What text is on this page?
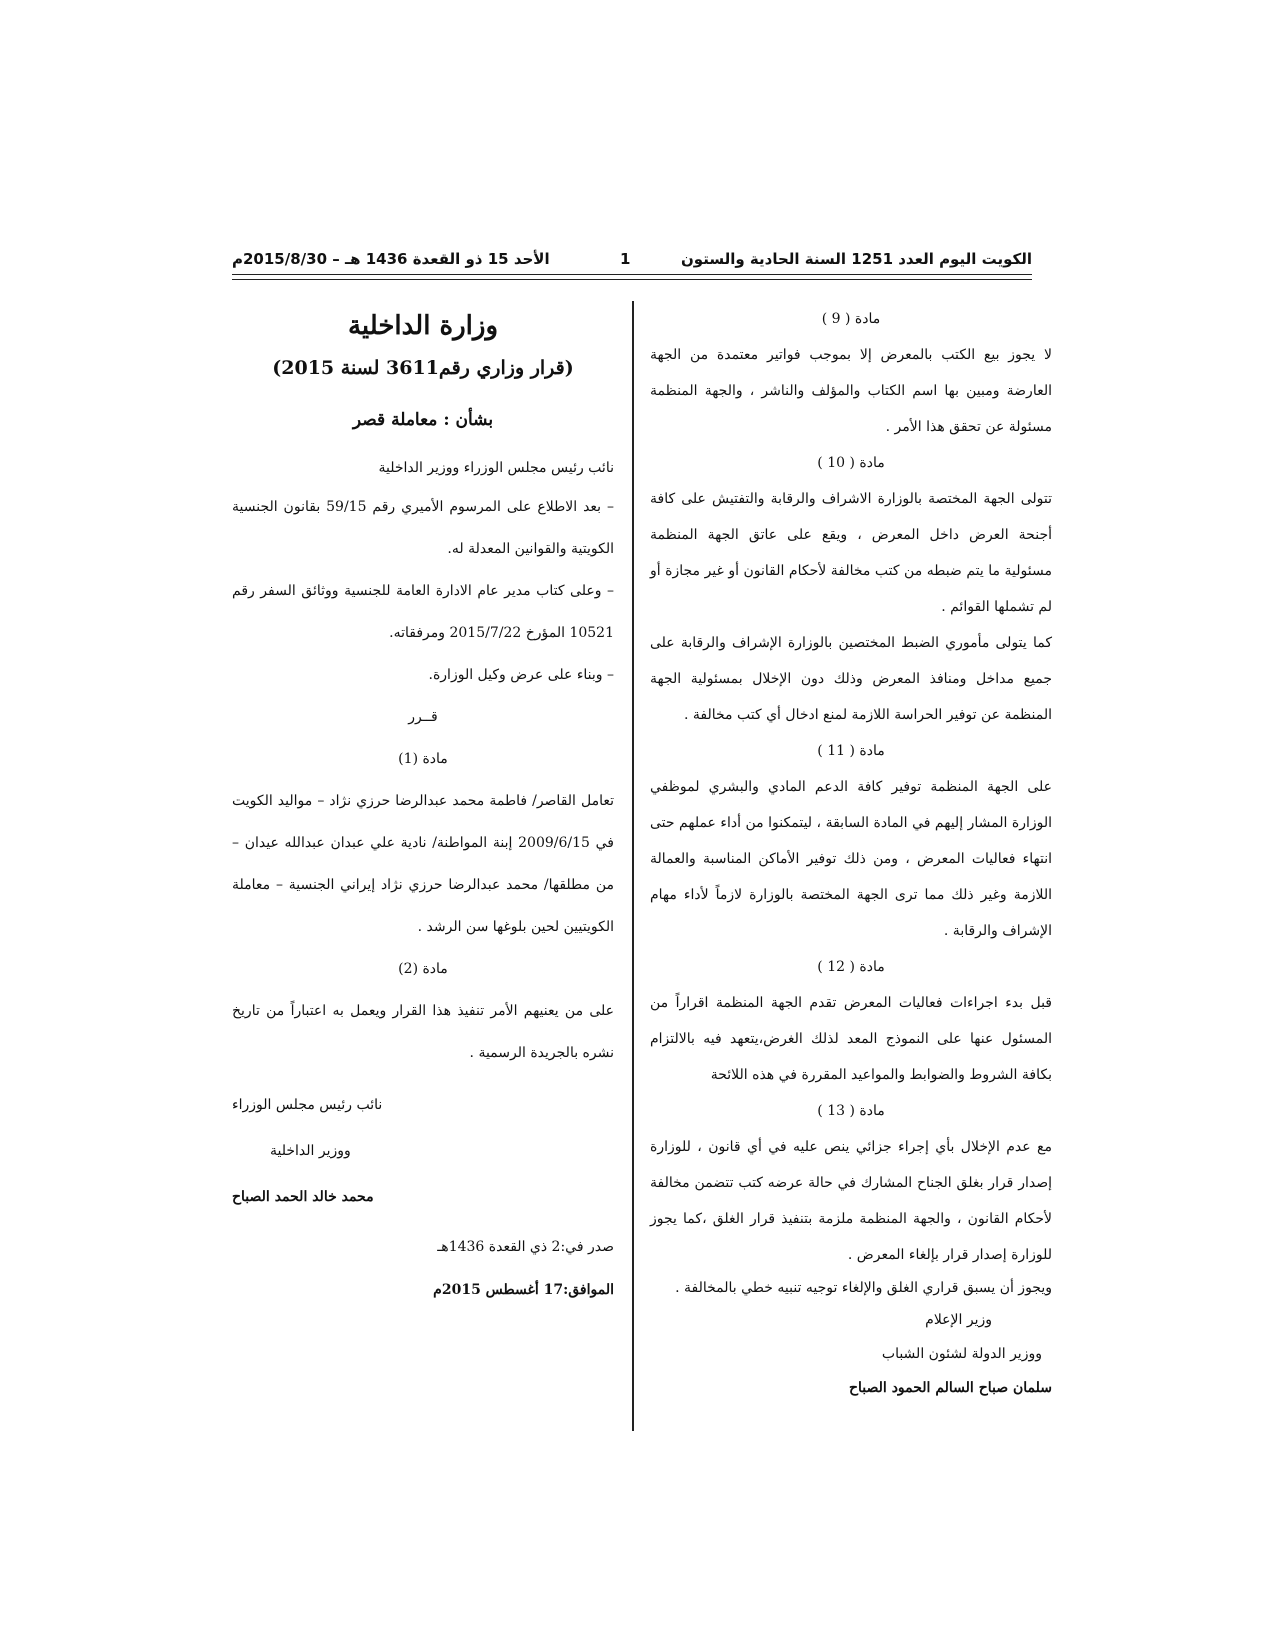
الكويت اليوم العدد 1251 السنة الحادية والستون
1
الأحد 15 ذو القعدة 1436 هـ – 2015/8/30م

مادة ( 9 )

لا يجوز بيع الكتب بالمعرض إلا بموجب فواتير معتمدة من الجهة العارضة ومبين بها اسم الكتاب والمؤلف والناشر ، والجهة المنظمة مسئولة عن تحقق هذا الأمر .

مادة ( 10 )

تتولى الجهة المختصة بالوزارة الاشراف والرقابة والتفتيش على كافة أجنحة العرض داخل المعرض ، ويقع على عاتق الجهة المنظمة مسئولية ما يتم ضبطه من كتب مخالفة لأحكام القانون أو غير مجازة أو لم تشملها القوائم .

كما يتولى مأموري الضبط المختصين بالوزارة الإشراف والرقابة على جميع مداخل ومنافذ المعرض وذلك دون الإخلال بمسئولية الجهة المنظمة عن توفير الحراسة اللازمة لمنع ادخال أي كتب مخالفة .

مادة ( 11 )

على الجهة المنظمة توفير كافة الدعم المادي والبشري لموظفي الوزارة المشار إليهم في المادة السابقة ، ليتمكنوا من أداء عملهم حتى انتهاء فعاليات المعرض ، ومن ذلك توفير الأماكن المناسبة والعمالة اللازمة وغير ذلك مما ترى الجهة المختصة بالوزارة لازماً لأداء مهام الإشراف والرقابة .

مادة ( 12 )

قبل بدء اجراءات فعاليات المعرض تقدم الجهة المنظمة اقراراً من المسئول عنها على النموذج المعد لذلك الغرض،يتعهد فيه بالالتزام بكافة الشروط والضوابط والمواعيد المقررة في هذه اللائحة

مادة ( 13 )

مع عدم الإخلال بأي إجراء جزائي ينص عليه في أي قانون ، للوزارة إصدار قرار بغلق الجناح المشارك في حالة عرضه كتب تتضمن مخالفة لأحكام القانون ، والجهة المنظمة ملزمة بتنفيذ قرار الغلق ،كما يجوز للوزارة إصدار قرار بإلغاء المعرض .

ويجوز أن يسبق قراري الغلق والإلغاء توجيه تنبيه خطي بالمخالفة .

وزير الإعلام

ووزير الدولة لشئون الشباب

سلمان صباح السالم الحمود الصباح

وزارة الداخلية

(قرار وزاري رقم3611 لسنة 2015)

بشأن : معاملة قصر

نائب رئيس مجلس الوزراء ووزير الداخلية

– بعد الاطلاع على المرسوم الأميري رقم 59/15 بقانون الجنسية الكويتية والقوانين المعدلة له.

– وعلى كتاب مدير عام الادارة العامة للجنسية ووثائق السفر رقم 10521 المؤرخ 2015/7/22 ومرفقاته.

– وبناء على عرض وكيل الوزارة.

قــرر

مادة (1)

تعامل القاصر/ فاطمة محمد عبدالرضا حرزي نژاد – مواليد الكويت في 2009/6/15 إبنة المواطنة/ نادية علي عبدان عبدالله عيدان – من مطلقها/ محمد عبدالرضا حرزي نژاد إيراني الجنسية – معاملة الكويتيين لحين بلوغها سن الرشد .

مادة (2)

على من يعنيهم الأمر تنفيذ هذا القرار ويعمل به اعتباراً من تاريخ نشره بالجريدة الرسمية .

نائب رئيس مجلس الوزراء

ووزير الداخلية

محمد خالد الحمد الصباح

صدر في:2 ذي القعدة 1436هـ

الموافق:17 أغسطس 2015م
